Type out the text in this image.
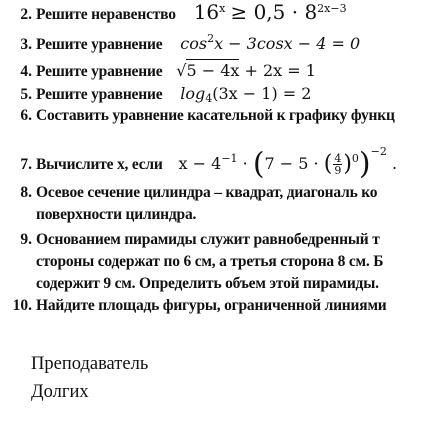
2. Решите неравенство $16^x \ge 0,5 \cdot 8^{2x-3}$
3. Решите уравнение $\cos^2x - 3\cos x - 4 = 0$
4. Решите уравнение √5 − 4x + 2x = 1
5. Решите уравнение $\log_4(3x - 1) = 2$
6. Составить уравнение касательной к графику функц
7. Вычислите х, если $x - 4^{-1} \cdot (7 - 5$ · ( $\frac{4}{9} )^0)^{-2}$ .
8. Осевое сечение цилиндра – квадрат, диагональ ко
поверхности цилиндра.
9. Основанием пирамиды служит равнобедренный т
стороны содержат по 6 см, а третья сторона 8 см. Б
содержит 9 см. Определить объем этой пирамиды.
10. Найдите площадь фигуры, ограниченной линиями
Преподаватель
Долгих
